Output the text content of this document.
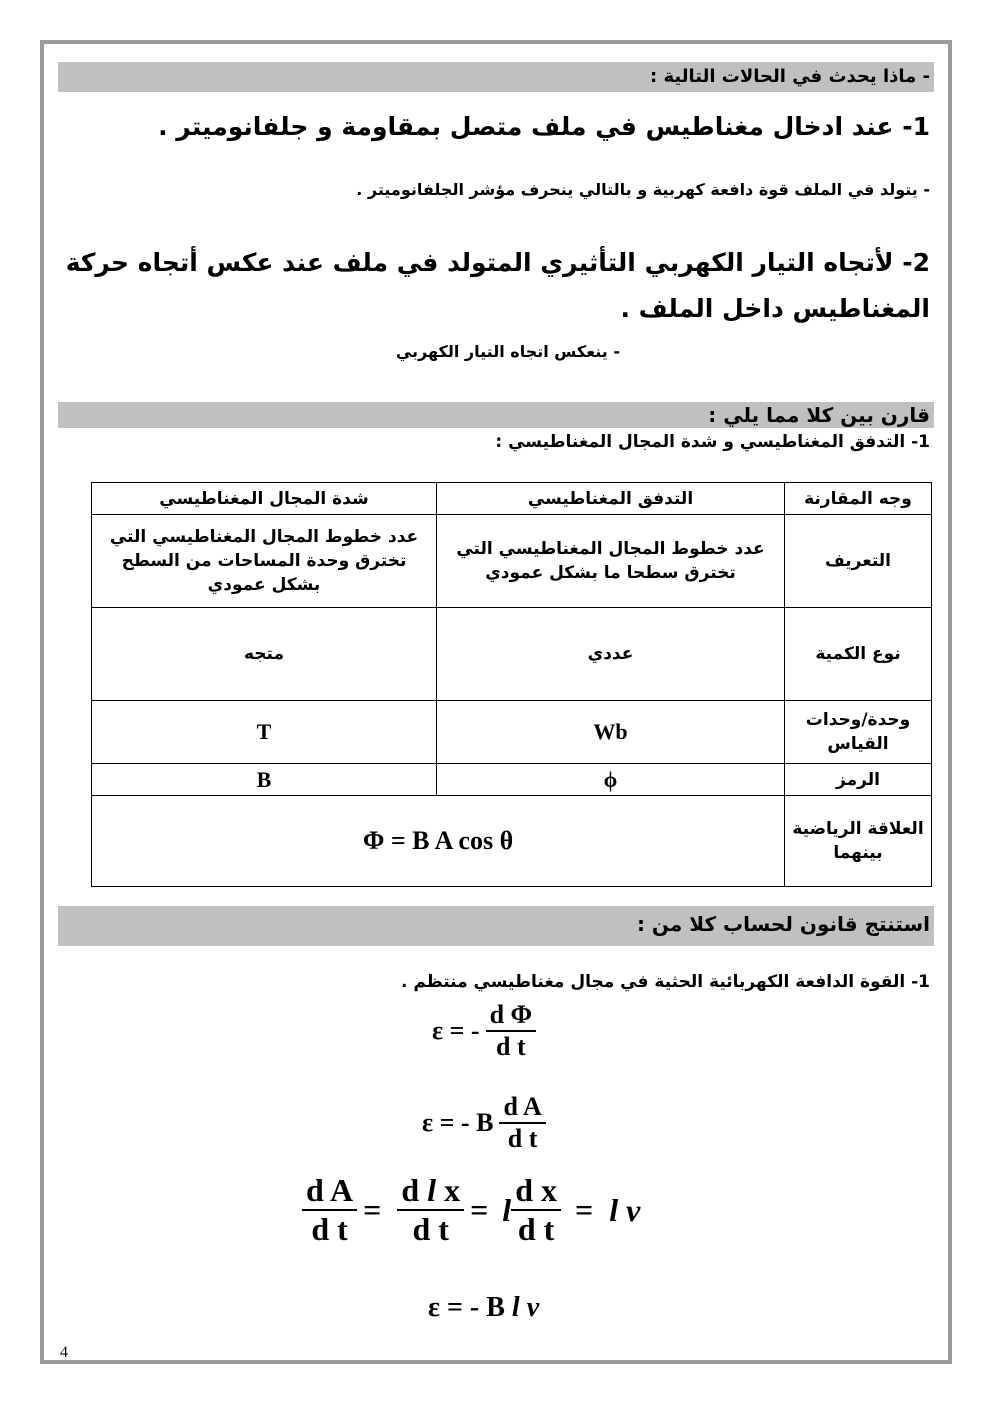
- ماذا يحدث في الحالات التالية :
1- عند ادخال مغناطيس في ملف متصل بمقاومة و جلفانوميتر .
- يتولد في الملف قوة دافعة كهربية و بالتالي ينحرف مؤشر الجلفانوميتر .
2- لأتجاه التيار الكهربي التأثيري المتولد في ملف عند عكس أتجاه حركة
المغناطيس داخل الملف .
- ينعكس اتجاه التيار الكهربي
قارن بين كلا مما يلي :
1- التدفق المغناطيسي و شدة المجال المغناطيسي :
وجه المقارنة	التدفق المغناطيسي	شدة المجال المغناطيسي
التعريف	عدد خطوط المجال المغناطيسي التي تخترق سطحا ما بشكل عمودي	عدد خطوط المجال المغناطيسي التي تخترق وحدة المساحات من السطح بشكل عمودي
نوع الكمية	عددي	متجه
وحدة/وحدات القياس	Wb	T
الرمز	ϕ	B
العلاقة الرياضية بينهما	Φ = B A cos θ	
استنتج قانون لحساب كلا من :
1- القوة الدافعة الكهربائية الحثية في مجال مغناطيسي منتظم .
ε = - $\frac{\text{d Φ}}{\text{d t}}$
ε = - B $\frac{\text{d A}}{\text{d t}}$
$\frac{\text{d A}}{\text{d t}} = \frac{\text{d l x}}{\text{d t}} = l \frac{\text{d x}}{\text{d t}} = l$ v
ε = - B l v
4
